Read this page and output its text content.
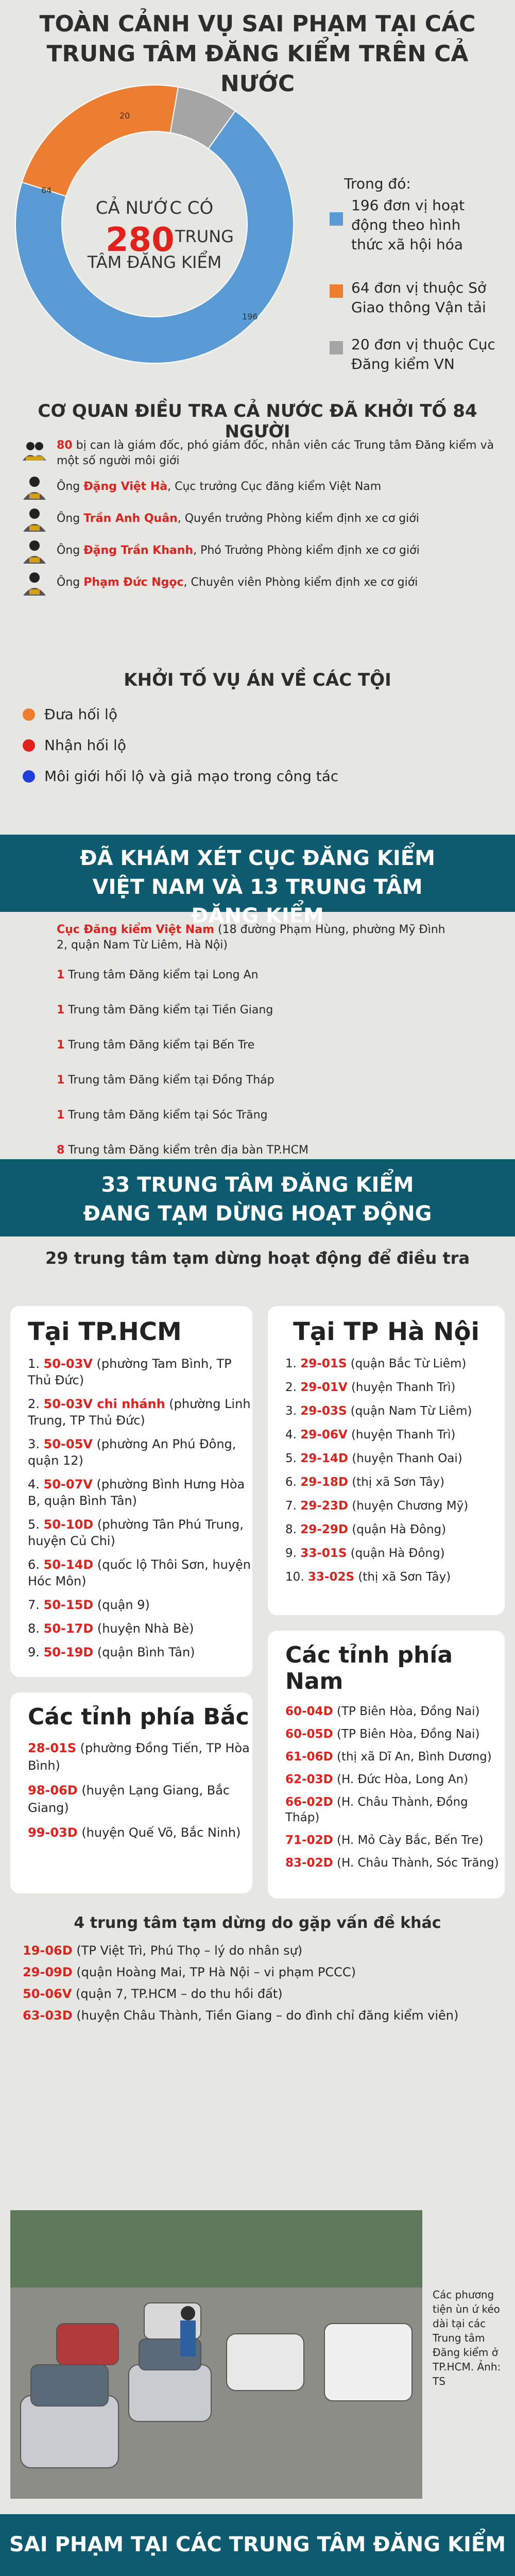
TOÀN CẢNH VỤ SAI PHẠM TẠI CÁC TRUNG TÂM ĐĂNG KIỂM TRÊN CẢ NƯỚC
196
64
20
CẢ NƯỚC CÓ
280 TRUNG
TÂM ĐĂNG KIỂM
Trong đó:
196 đơn vị hoạt động theo hình thức xã hội hóa
64 đơn vị thuộc Sở Giao thông Vận tải
20 đơn vị thuộc Cục Đăng kiểm VN
CƠ QUAN ĐIỀU TRA CẢ NƯỚC ĐÃ KHỞI TỐ 84 NGƯỜI

80 bị can là giám đốc, phó giám đốc, nhân viên các Trung tâm Đăng kiểm và một số người môi giới

Ông Đặng Việt Hà, Cục trưởng Cục đăng kiểm Việt Nam

Ông Trần Anh Quân, Quyền trưởng Phòng kiểm định xe cơ giới

Ông Đặng Trần Khanh, Phó Trưởng Phòng kiểm định xe cơ giới

Ông Phạm Đức Ngọc, Chuyên viên Phòng kiểm định xe cơ giới

KHỞI TỐ VỤ ÁN VỀ CÁC TỘI
Đưa hối lộ
Nhận hối lộ
Môi giới hối lộ và giả mạo trong công tác
ĐÃ KHÁM XÉT CỤC ĐĂNG KIỂM VIỆT NAM VÀ 13 TRUNG TÂM ĐĂNG KIỂM
Cục Đăng kiểm Việt Nam (18 đường Phạm Hùng, phường Mỹ Đình 2, quận Nam Từ Liêm, Hà Nội)
1 Trung tâm Đăng kiểm tại Long An
1 Trung tâm Đăng kiểm tại Tiền Giang
1 Trung tâm Đăng kiểm tại Bến Tre
1 Trung tâm Đăng kiểm tại Đồng Tháp
1 Trung tâm Đăng kiểm tại Sóc Trăng
8 Trung tâm Đăng kiểm trên địa bàn TP.HCM
33 TRUNG TÂM ĐĂNG KIỂM ĐANG TẠM DỪNG HOẠT ĐỘNG
29 trung tâm tạm dừng hoạt động để điều tra
Tại TP.HCM
1. 50-03V (phường Tam Bình, TP Thủ Đức)
2. 50-03V chi nhánh (phường Linh Trung, TP Thủ Đức)
3. 50-05V (phường An Phú Đông, quận 12)
4. 50-07V (phường Bình Hưng Hòa B, quận Bình Tân)
5. 50-10D (phường Tân Phú Trung, huyện Củ Chi)
6. 50-14D (quốc lộ Thôi Sơn, huyện Hóc Môn)
7. 50-15D (quận 9)
8. 50-17D (huyện Nhà Bè)
9. 50-19D (quận Bình Tân)
Tại TP Hà Nội
1. 29-01S (quận Bắc Từ Liêm)
2. 29-01V (huyện Thanh Trì)
3. 29-03S (quận Nam Từ Liêm)
4. 29-06V (huyện Thanh Trì)
5. 29-14D (huyện Thanh Oai)
6. 29-18D (thị xã Sơn Tây)
7. 29-23D (huyện Chương Mỹ)
8. 29-29D (quận Hà Đông)
9. 33-01S (quận Hà Đông)
10. 33-02S (thị xã Sơn Tây)
Các tỉnh phía Bắc
28-01S (phường Đồng Tiến, TP Hòa Bình)
98-06D (huyện Lạng Giang, Bắc Giang)
99-03D (huyện Quế Võ, Bắc Ninh)
Các tỉnh phía Nam
60-04D (TP Biên Hòa, Đồng Nai)
60-05D (TP Biên Hòa, Đồng Nai)
61-06D (thị xã Dĩ An, Bình Dương)
62-03D (H. Đức Hòa, Long An)
66-02D (H. Châu Thành, Đồng Tháp)
71-02D (H. Mỏ Cày Bắc, Bến Tre)
83-02D (H. Châu Thành, Sóc Trăng)
4 trung tâm tạm dừng do gặp vấn đề khác
19-06D (TP Việt Trì, Phú Thọ – lý do nhân sự)
29-09D (quận Hoàng Mai, TP Hà Nội – vi phạm PCCC)
50-06V (quận 7, TP.HCM – do thu hồi đất)
63-03D (huyện Châu Thành, Tiền Giang – do đình chỉ đăng kiểm viên)
Các phương tiện ùn ứ kéo dài tại các Trung tâm Đăng kiểm ở TP.HCM. Ảnh: TS
SAI PHẠM TẠI CÁC TRUNG TÂM ĐĂNG KIỂM
